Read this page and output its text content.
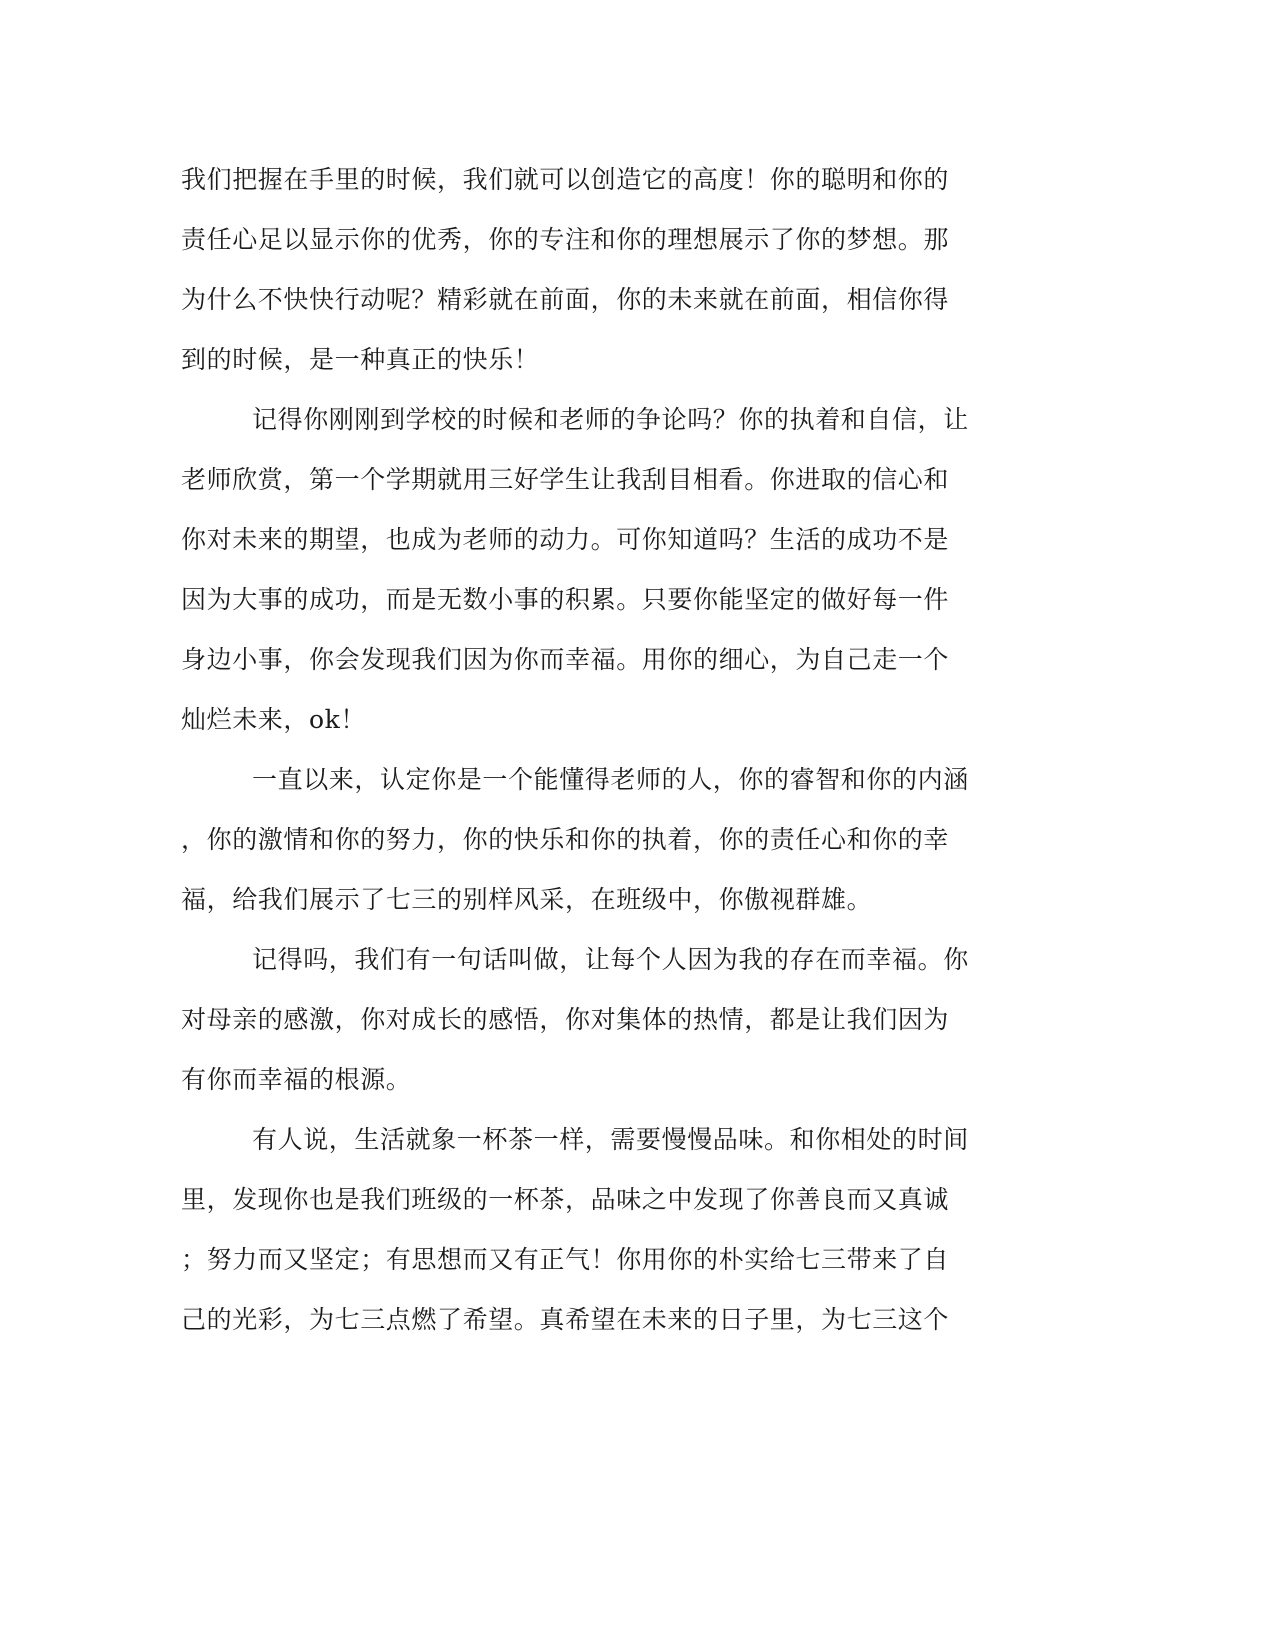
我们把握在手里的时候，我们就可以创造它的高度！你的聪明和你的
责任心足以显示你的优秀，你的专注和你的理想展示了你的梦想。那
为什么不快快行动呢？精彩就在前面，你的未来就在前面，相信你得
到的时候，是一种真正的快乐！
记得你刚刚到学校的时候和老师的争论吗？你的执着和自信，让
老师欣赏，第一个学期就用三好学生让我刮目相看。你进取的信心和
你对未来的期望，也成为老师的动力。可你知道吗？生活的成功不是
因为大事的成功，而是无数小事的积累。只要你能坚定的做好每一件
身边小事，你会发现我们因为你而幸福。用你的细心，为自己走一个
灿烂未来，ok！
一直以来，认定你是一个能懂得老师的人，你的睿智和你的内涵
，你的激情和你的努力，你的快乐和你的执着，你的责任心和你的幸
福，给我们展示了七三的别样风采，在班级中，你傲视群雄。
记得吗，我们有一句话叫做，让每个人因为我的存在而幸福。你
对母亲的感激，你对成长的感悟，你对集体的热情，都是让我们因为
有你而幸福的根源。
有人说，生活就象一杯茶一样，需要慢慢品味。和你相处的时间
里，发现你也是我们班级的一杯茶，品味之中发现了你善良而又真诚
；努力而又坚定；有思想而又有正气！你用你的朴实给七三带来了自
己的光彩，为七三点燃了希望。真希望在未来的日子里，为七三这个
